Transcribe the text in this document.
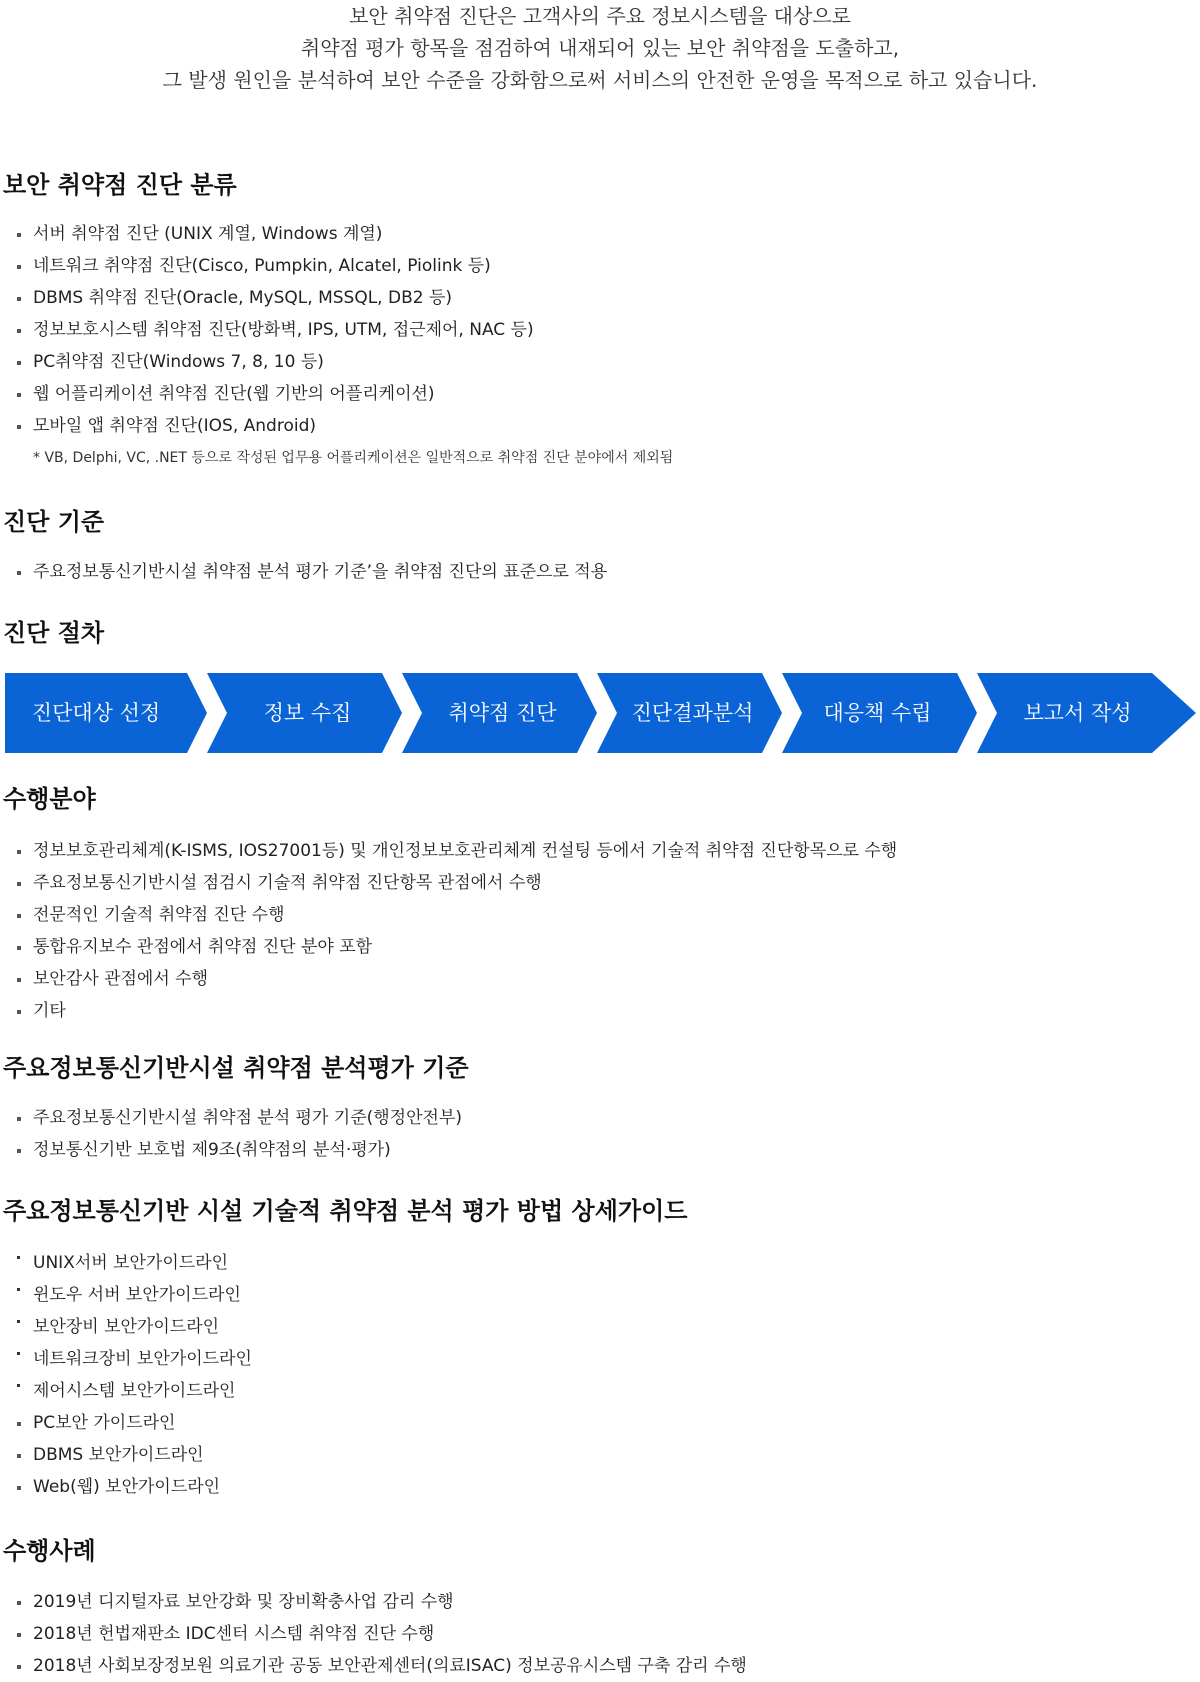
보안 취약점 진단은 고객사의 주요 정보시스템을 대상으로
취약점 평가 항목을 점검하여 내재되어 있는 보안 취약점을 도출하고,
그 발생 원인을 분석하여 보안 수준을 강화함으로써 서비스의 안전한 운영을 목적으로 하고 있습니다.
보안 취약점 진단 분류
서버 취약점 진단 (UNIX 계열, Windows 계열)
네트워크 취약점 진단(Cisco, Pumpkin, Alcatel, Piolink 등)
DBMS 취약점 진단(Oracle, MySQL, MSSQL, DB2 등)
정보보호시스템 취약점 진단(방화벽, IPS, UTM, 접근제어, NAC 등)
PC취약점 진단(Windows 7, 8, 10 등)
웹 어플리케이션 취약점 진단(웹 기반의 어플리케이션)
모바일 앱 취약점 진단(IOS, Android)
* VB, Delphi, VC, .NET 등으로 작성된 업무용 어플리케이션은 일반적으로 취약점 진단 분야에서 제외됨
진단 기준
주요정보통신기반시설 취약점 분석 평가 기준’을 취약점 진단의 표준으로 적용
진단 절차
진단대상 선정	정보 수집	취약점 진단	진단결과분석	대응책 수립	보고서 작성
수행분야
정보보호관리체계(K-ISMS, IOS27001등) 및 개인정보보호관리체계 컨설팅 등에서 기술적 취약점 진단항목으로 수행
주요정보통신기반시설 점검시 기술적 취약점 진단항목 관점에서 수행
전문적인 기술적 취약점 진단 수행
통합유지보수 관점에서 취약점 진단 분야 포함
보안감사 관점에서 수행
기타
주요정보통신기반시설 취약점 분석평가 기준
주요정보통신기반시설 취약점 분석 평가 기준(행정안전부)
정보통신기반 보호법 제9조(취약점의 분석·평가)
주요정보통신기반 시설 기술적 취약점 분석 평가 방법 상세가이드
UNIX서버 보안가이드라인
윈도우 서버 보안가이드라인
보안장비 보안가이드라인
네트워크장비 보안가이드라인
제어시스템 보안가이드라인
PC보안 가이드라인
DBMS 보안가이드라인
Web(웹) 보안가이드라인
수행사례
2019년 디지털자료 보안강화 및 장비확충사업 감리 수행
2018년 헌법재판소 IDC센터 시스템 취약점 진단 수행
2018년 사회보장정보원 의료기관 공동 보안관제센터(의료ISAC) 정보공유시스템 구축 감리 수행
